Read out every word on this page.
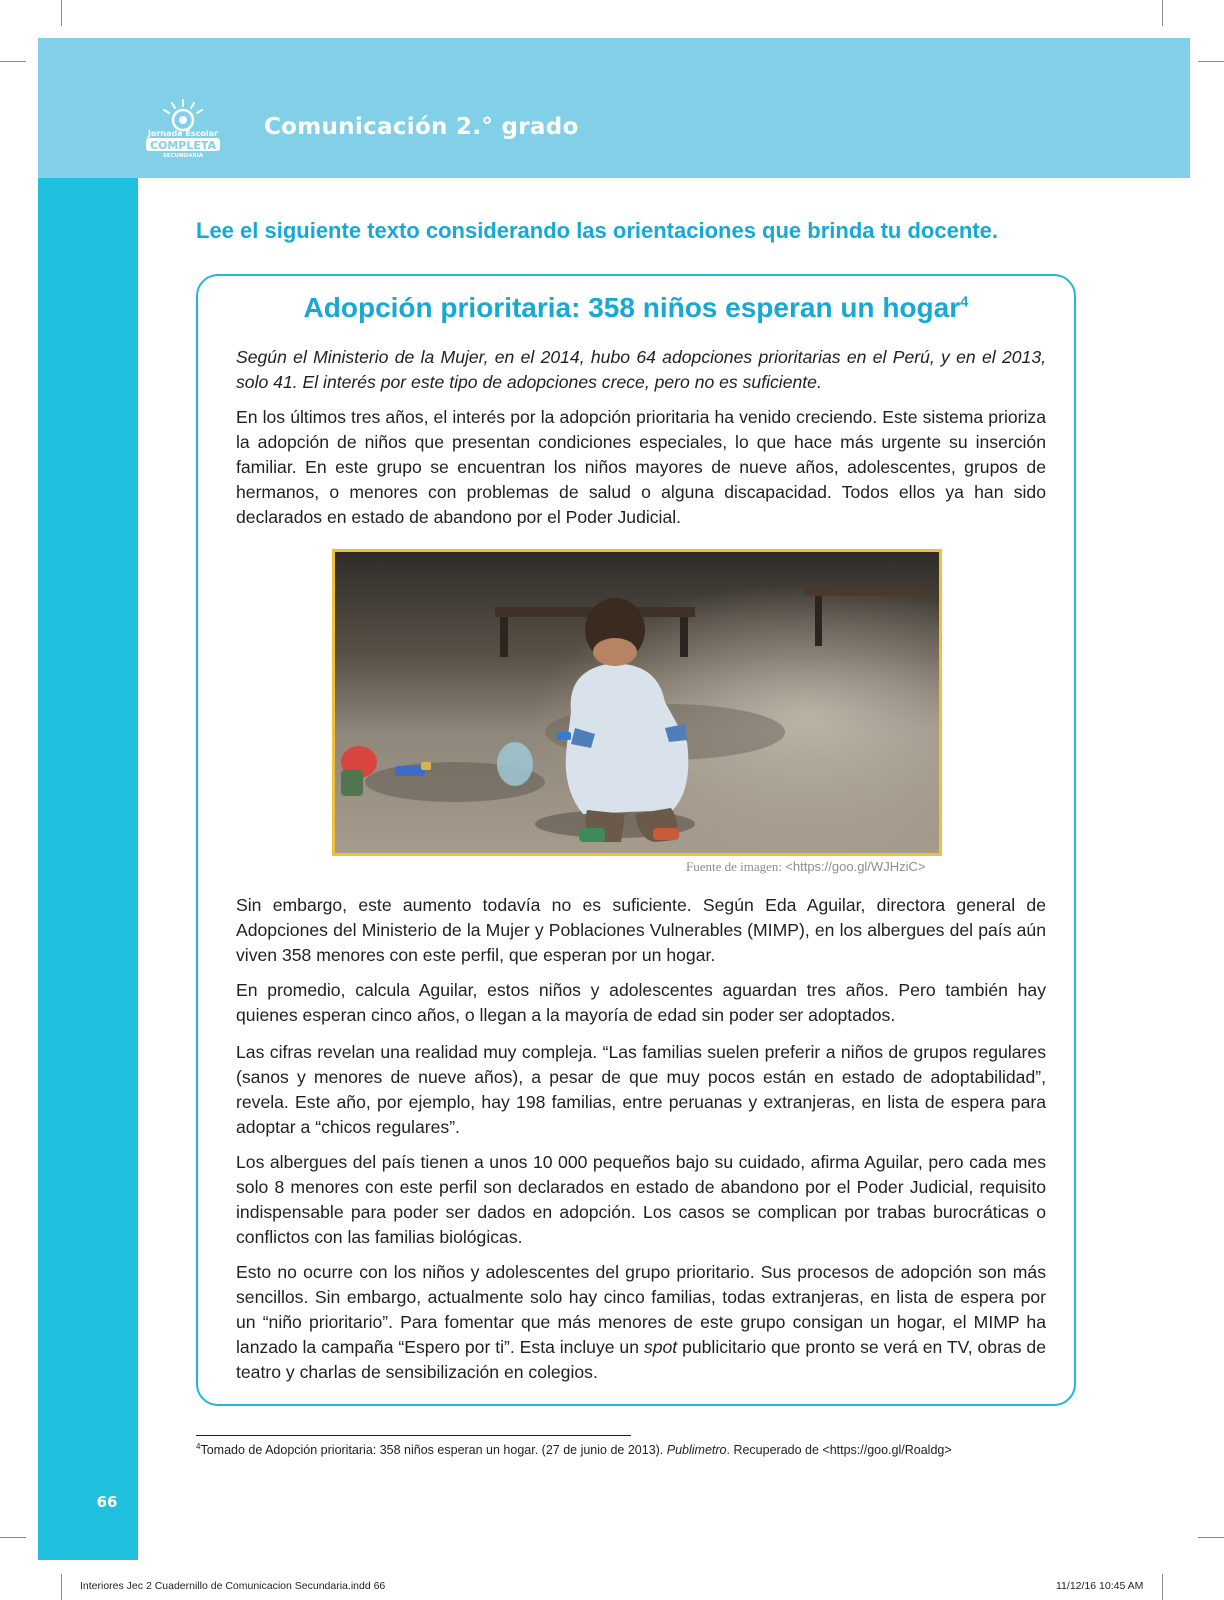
Jornada Escolar
COMPLETA
SECUNDARIA
Comunicación 2.° grado
Lee el siguiente texto considerando las orientaciones que brinda tu docente.
Adopción prioritaria: 358 niños esperan un hogar$^4$
Según el Ministerio de la Mujer, en el 2014, hubo 64 adopciones prioritarias en el Perú, y en el 2013, solo 41. El interés por este tipo de adopciones crece, pero no es suficiente.
En los últimos tres años, el interés por la adopción prioritaria ha venido creciendo. Este sistema prioriza la adopción de niños que presentan condiciones especiales, lo que hace más urgente su inserción familiar. En este grupo se encuentran los niños mayores de nueve años, adolescentes, grupos de hermanos, o menores con problemas de salud o alguna discapacidad. Todos ellos ya han sido declarados en estado de abandono por el Poder Judicial.
Fuente de imagen: <https://goo.gl/WJHziC>
Sin embargo, este aumento todavía no es suficiente. Según Eda Aguilar, directora general de Adopciones del Ministerio de la Mujer y Poblaciones Vulnerables (MIMP), en los albergues del país aún viven 358 menores con este perfil, que esperan por un hogar.
En promedio, calcula Aguilar, estos niños y adolescentes aguardan tres años. Pero también hay quienes esperan cinco años, o llegan a la mayoría de edad sin poder ser adoptados.
Las cifras revelan una realidad muy compleja. “Las familias suelen preferir a niños de grupos regulares (sanos y menores de nueve años), a pesar de que muy pocos están en estado de adoptabilidad”, revela. Este año, por ejemplo, hay 198 familias, entre peruanas y extranjeras, en lista de espera para adoptar a “chicos regulares”.
Los albergues del país tienen a unos 10 000 pequeños bajo su cuidado, afirma Aguilar, pero cada mes solo 8 menores con este perfil son declarados en estado de abandono por el Poder Judicial, requisito indispensable para poder ser dados en adopción. Los casos se complican por trabas burocráticas o conflictos con las familias biológicas.
Esto no ocurre con los niños y adolescentes del grupo prioritario. Sus procesos de adopción son más sencillos. Sin embargo, actualmente solo hay cinco familias, todas extranjeras, en lista de espera por un “niño prioritario”. Para fomentar que más menores de este grupo consigan un hogar, el MIMP ha lanzado la campaña “Espero por ti”. Esta incluye un spot publicitario que pronto se verá en TV, obras de teatro y charlas de sensibilización en colegios.
$^4$Tomado de Adopción prioritaria: 358 niños esperan un hogar. (27 de junio de 2013). Publimetro. Recuperado de <https://goo.gl/Roaldg>
66
Interiores Jec 2 Cuadernillo de Comunicacion Secundaria.indd 66	11/12/16 10:45 AM
